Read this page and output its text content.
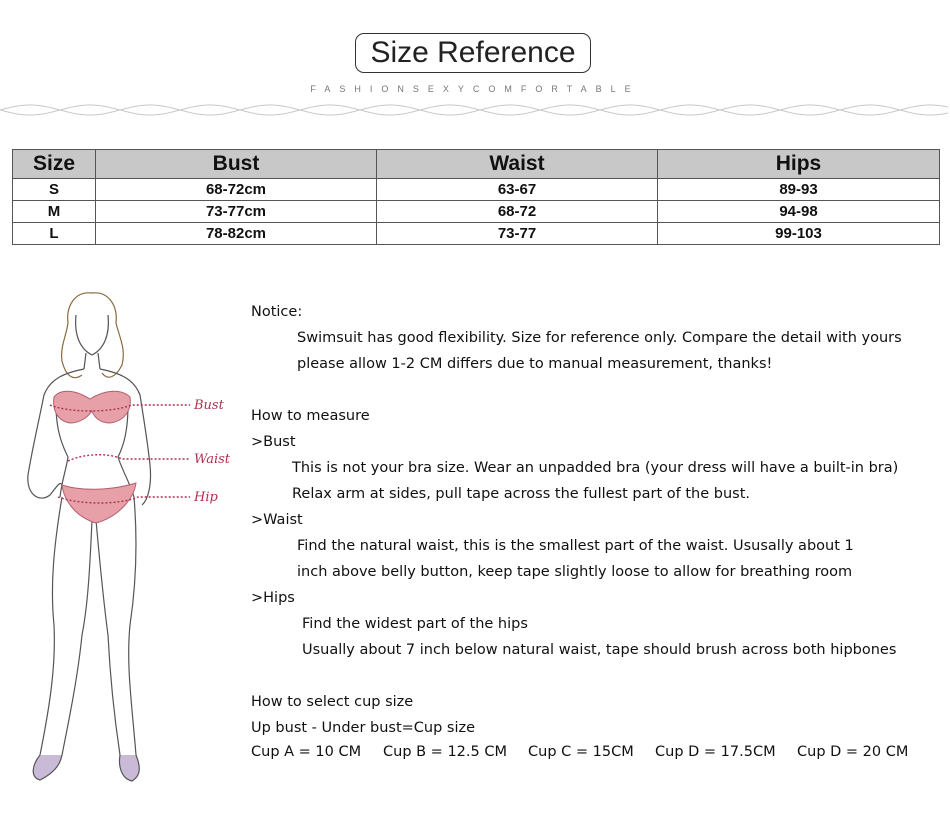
Size Reference
FASHIONSEXYCOMFORTABLE
Size	Bust	Waist	Hips
S	68-72cm	63-67	89-93
M	73-77cm	68-72	94-98
L	78-82cm	73-77	99-103
Bust
Waist
Hip
Notice:
Swimsuit has good flexibility. Size for reference only. Compare the detail with yours
please allow 1-2 CM differs due to manual measurement, thanks!
How to measure
>Bust
This is not your bra size. Wear an unpadded bra (your dress will have a built-in bra)
Relax arm at sides, pull tape across the fullest part of the bust.
>Waist
Find the natural waist, this is the smallest part of the waist. Ususally about 1
inch above belly button, keep tape slightly loose to allow for breathing room
>Hips
Find the widest part of the hips
Usually about 7 inch below natural waist, tape should brush across both hipbones
How to select cup size
Up bust - Under bust=Cup size
Cup A = 10 CM Cup B = 12.5 CM Cup C = 15CM Cup D = 17.5CM Cup D = 20 CM
